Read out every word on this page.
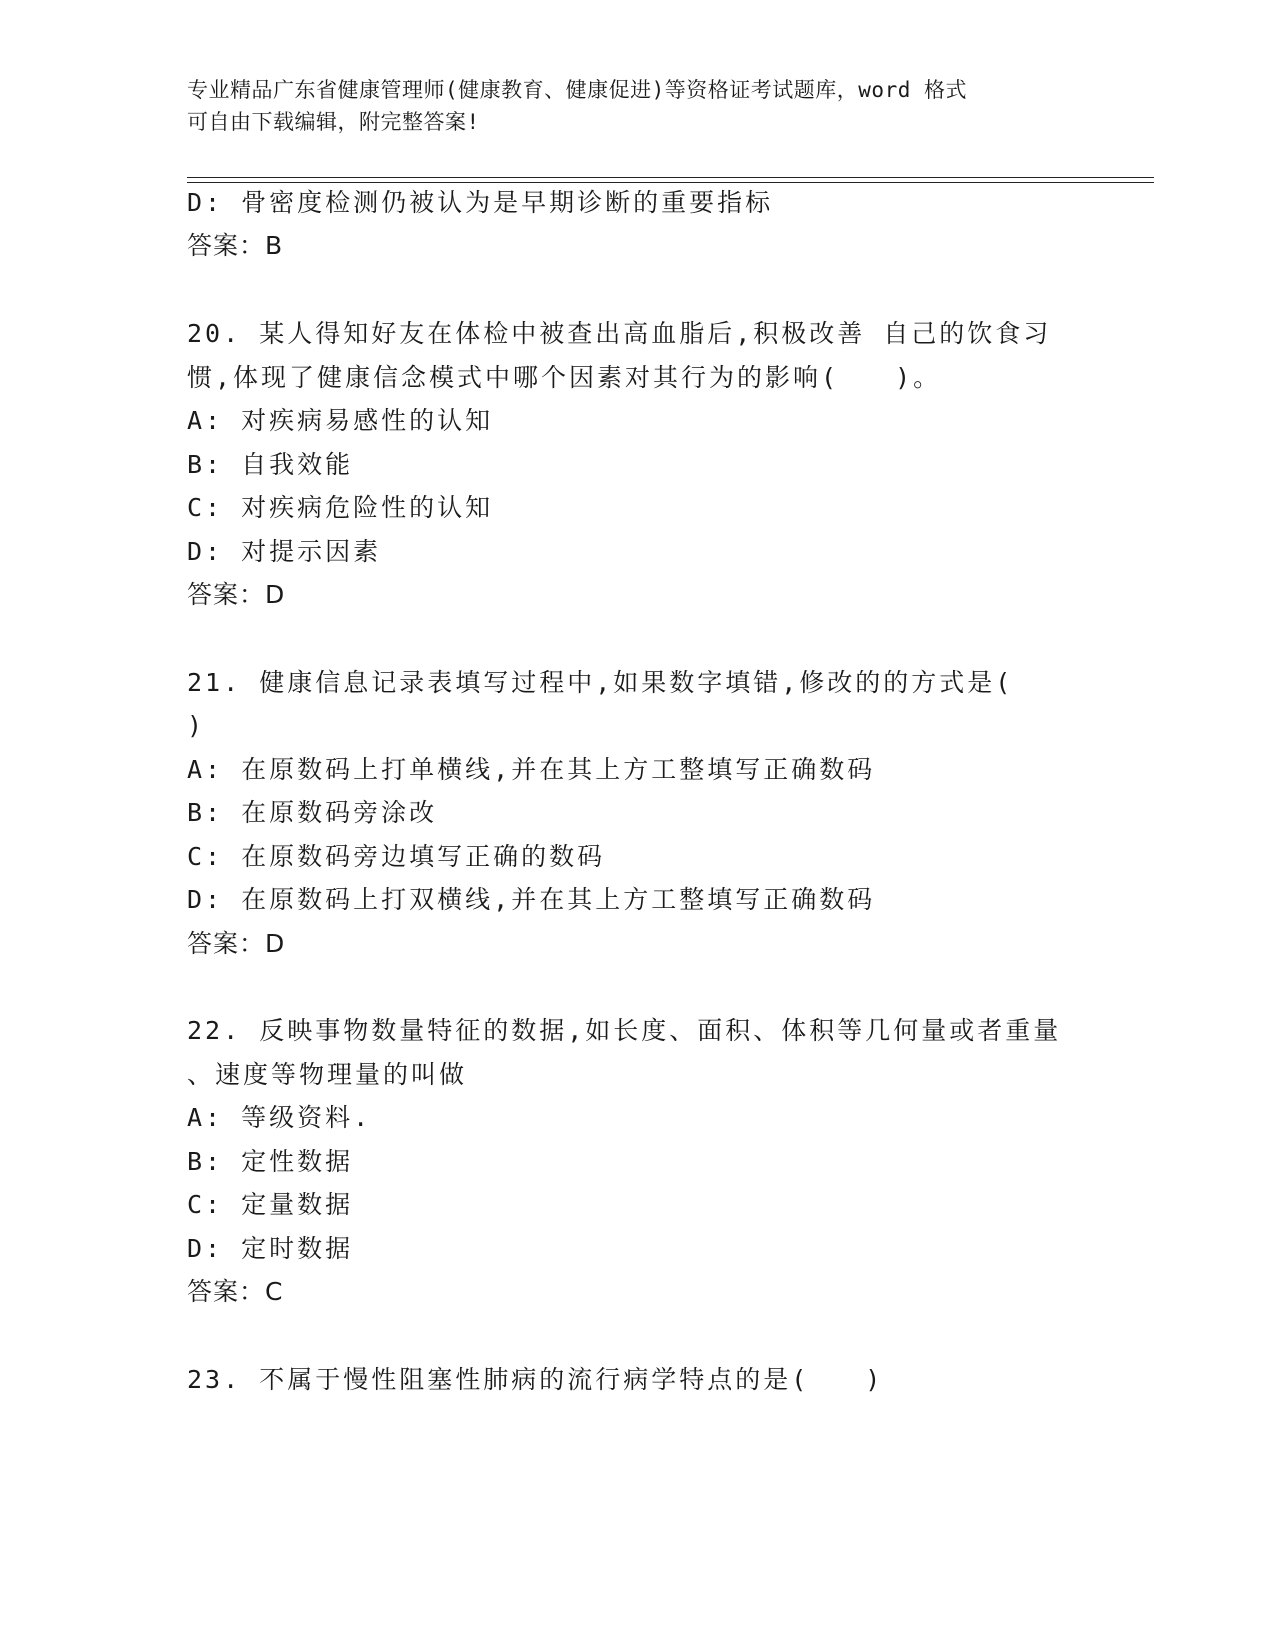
专业精品广东省健康管理师(健康教育、健康促进)等资格证考试题库，word 格式
可自由下载编辑，附完整答案!
D: 骨密度检测仍被认为是早期诊断的重要指标
答案：B
20. 某人得知好友在体检中被查出高血脂后,积极改善 自己的饮食习
惯,体现了健康信念模式中哪个因素对其行为的影响(　　)。
A: 对疾病易感性的认知
B: 自我效能
C: 对疾病危险性的认知
D: 对提示因素
答案：D
21. 健康信息记录表填写过程中,如果数字填错,修改的的方式是(
)
A: 在原数码上打单横线,并在其上方工整填写正确数码
B: 在原数码旁涂改
C: 在原数码旁边填写正确的数码
D: 在原数码上打双横线,并在其上方工整填写正确数码
答案：D
22. 反映事物数量特征的数据,如长度、面积、体积等几何量或者重量
、速度等物理量的叫做
A: 等级资料.
B: 定性数据
C: 定量数据
D: 定时数据
答案：C
23. 不属于慢性阻塞性肺病的流行病学特点的是(　　)
